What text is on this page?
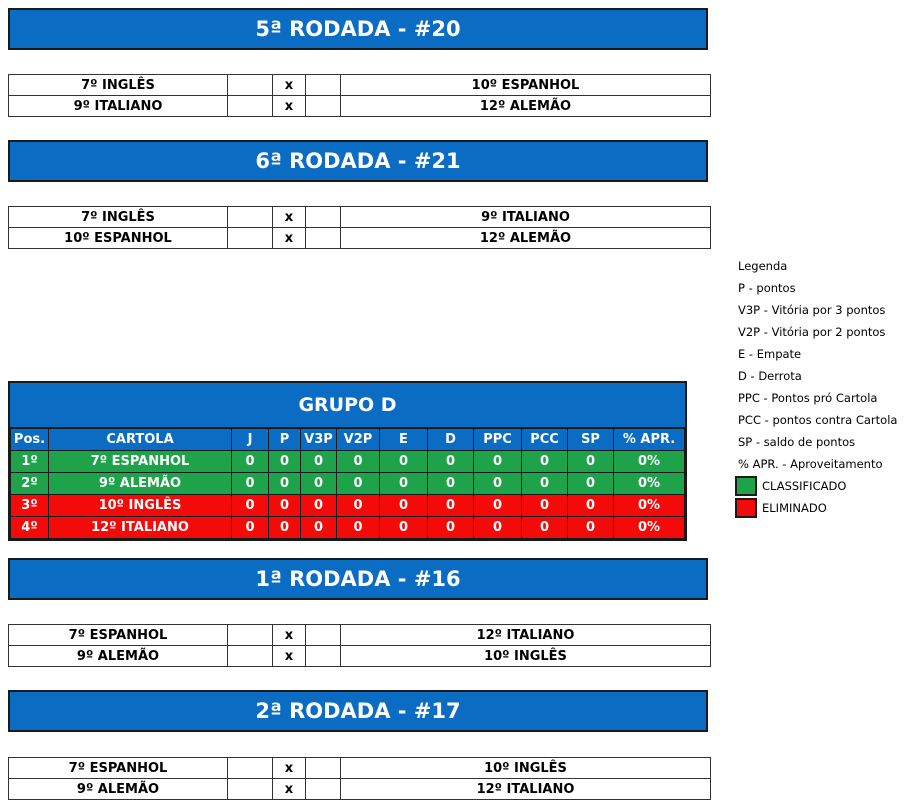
5ª RODADA - #20
7º INGLÊS		x		10º ESPANHOL
9º ITALIANO		x		12º ALEMÃO
6ª RODADA - #21
7º INGLÊS		x		9º ITALIANO
10º ESPANHOL		x		12º ALEMÃO
Legenda
P - pontos
V3P - Vitória por 3 pontos
V2P - Vitória por 2 pontos
E - Empate
D - Derrota
PPC - Pontos pró Cartola
PCC - pontos contra Cartola
SP - saldo de pontos
% APR. - Aproveitamento
CLASSIFICADO
ELIMINADO
GRUPO D
Pos.	CARTOLA	J	P	V3P	V2P	E	D	PPC	PCC	SP	% APR.
1º	7º ESPANHOL	0	0	0	0	0	0	0	0	0	0%
2º	9º ALEMÃO	0	0	0	0	0	0	0	0	0	0%
3º	10º INGLÊS	0	0	0	0	0	0	0	0	0	0%
4º	12º ITALIANO	0	0	0	0	0	0	0	0	0	0%
1ª RODADA - #16
7º ESPANHOL		x		12º ITALIANO
9º ALEMÃO		x		10º INGLÊS
2ª RODADA - #17
7º ESPANHOL		x		10º INGLÊS
9º ALEMÃO		x		12º ITALIANO
